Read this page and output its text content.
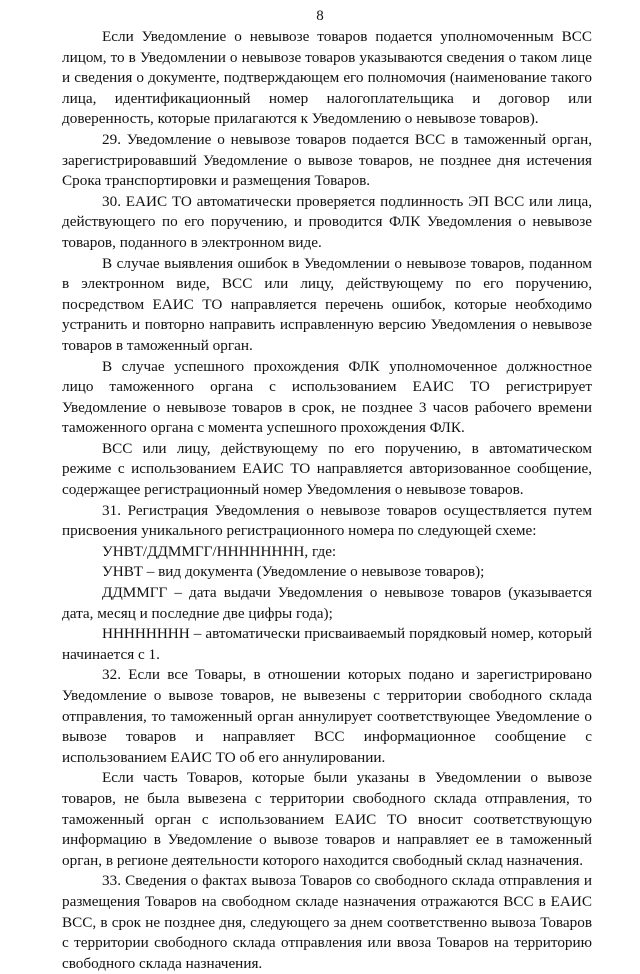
8

Если Уведомление о невывозе товаров подается уполномоченным ВСС лицом, то в Уведомлении о невывозе товаров указываются сведения о таком лице и сведения о документе, подтверждающем его полномочия (наименование такого лица, идентификационный номер налогоплательщика и договор или доверенность, которые прилагаются к Уведомлению о невывозе товаров).

29. Уведомление о невывозе товаров подается ВСС в таможенный орган, зарегистрировавший Уведомление о вывозе товаров, не позднее дня истечения Срока транспортировки и размещения Товаров.

30. ЕАИС ТО автоматически проверяется подлинность ЭП ВСС или лица, действующего по его поручению, и проводится ФЛК Уведомления о невывозе товаров, поданного в электронном виде.

В случае выявления ошибок в Уведомлении о невывозе товаров, поданном в электронном виде, ВСС или лицу, действующему по его поручению, посредством ЕАИС ТО направляется перечень ошибок, которые необходимо устранить и повторно направить исправленную версию Уведомления о невывозе товаров в таможенный орган.

В случае успешного прохождения ФЛК уполномоченное должностное лицо таможенного органа с использованием ЕАИС ТО регистрирует Уведомление о невывозе товаров в срок, не позднее 3 часов рабочего времени таможенного органа с момента успешного прохождения ФЛК.

ВСС или лицу, действующему по его поручению, в автоматическом режиме с использованием ЕАИС ТО направляется авторизованное сообщение, содержащее регистрационный номер Уведомления о невывозе товаров.

31. Регистрация Уведомления о невывозе товаров осуществляется путем присвоения уникального регистрационного номера по следующей схеме:

УНВТ/ДДММГГ/НННННННН, где:

УНВТ – вид документа (Уведомление о невывозе товаров);

ДДММГГ – дата выдачи Уведомления о невывозе товаров (указывается дата, месяц и последние две цифры года);

НННННННН – автоматически присваиваемый порядковый номер, который начинается с 1.

32. Если все Товары, в отношении которых подано и зарегистрировано Уведомление о вывозе товаров, не вывезены с территории свободного склада отправления, то таможенный орган аннулирует соответствующее Уведомление о вывозе товаров и направляет ВСС информационное сообщение с использованием ЕАИС ТО об его аннулировании.

Если часть Товаров, которые были указаны в Уведомлении о вывозе товаров, не была вывезена с территории свободного склада отправления, то таможенный орган с использованием ЕАИС ТО вносит соответствующую информацию в Уведомление о вывозе товаров и направляет ее в таможенный орган, в регионе деятельности которого находится свободный склад назначения.

33. Сведения о фактах вывоза Товаров со свободного склада отправления и размещения Товаров на свободном складе назначения отражаются ВСС в ЕАИС ВСС, в срок не позднее дня, следующего за днем соответственно вывоза Товаров с территории свободного склада отправления или ввоза Товаров на территорию свободного склада назначения.
